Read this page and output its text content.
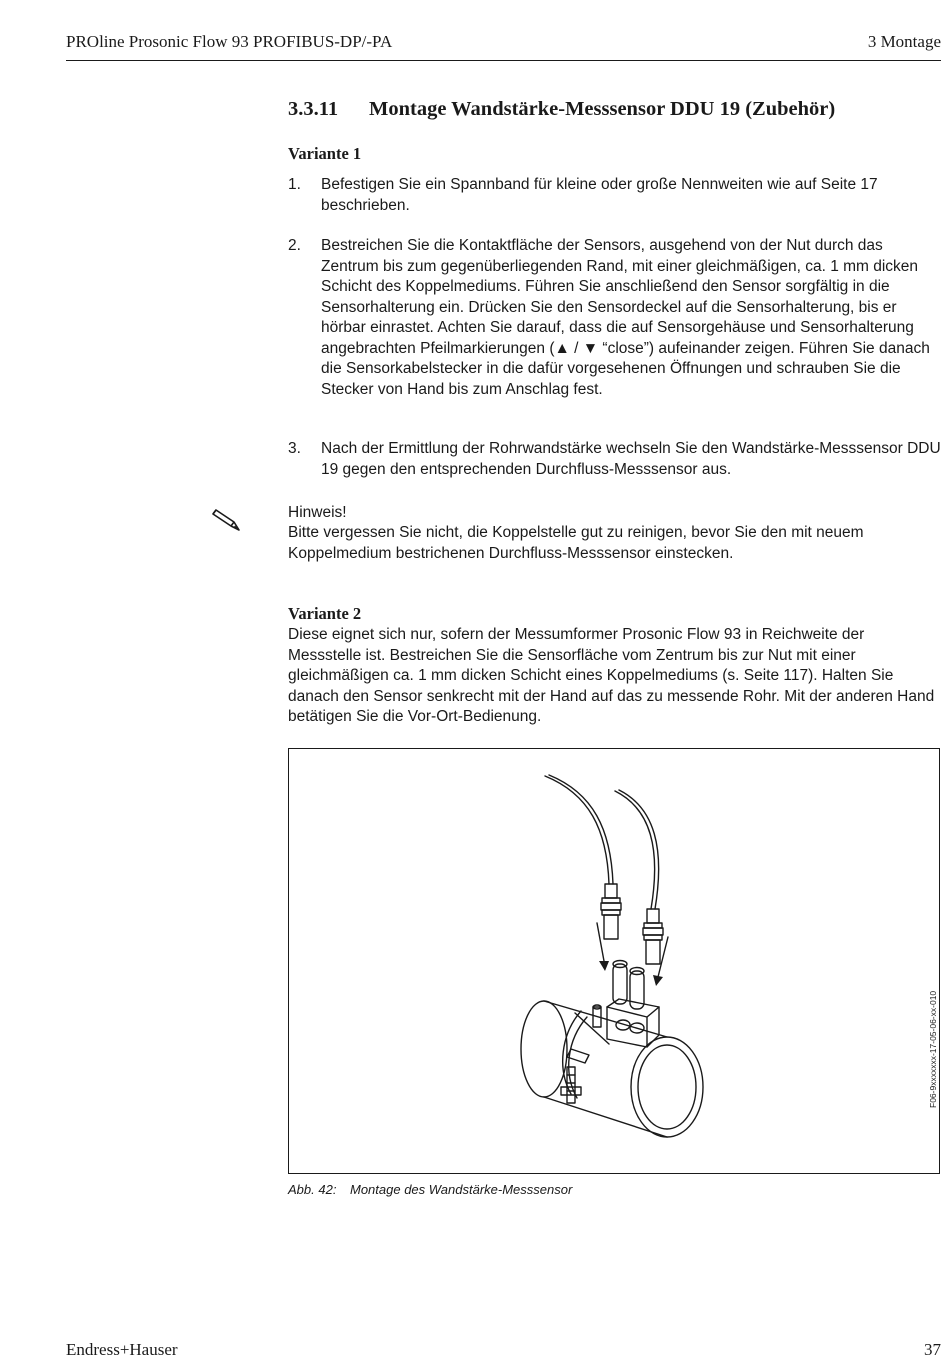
PROline Prosonic Flow 93 PROFIBUS-DP/-PA	3 Montage
3.3.11 Montage Wandstärke-Messsensor DDU 19 (Zubehör)
Variante 1
1. Befestigen Sie ein Spannband für kleine oder große Nennweiten wie auf Seite 17 beschrieben.
2. Bestreichen Sie die Kontaktfläche der Sensors, ausgehend von der Nut durch das Zentrum bis zum gegenüberliegenden Rand, mit einer gleichmäßigen, ca. 1 mm dicken Schicht des Koppelmediums. Führen Sie anschließend den Sensor sorgfältig in die Sensorhalterung ein. Drücken Sie den Sensordeckel auf die Sensorhalterung, bis er hörbar einrastet. Achten Sie darauf, dass die auf Sensorgehäuse und Sensorhalterung angebrachten Pfeilmarkierungen (▲ / ▼ “close”) aufeinander zeigen. Führen Sie danach die Sensorkabelstecker in die dafür vorgesehenen Öffnungen und schrauben Sie die Stecker von Hand bis zum Anschlag fest.
3. Nach der Ermittlung der Rohrwandstärke wechseln Sie den Wandstärke-Messsensor DDU 19 gegen den entsprechenden Durchfluss-Messsensor aus.
Hinweis!
Bitte vergessen Sie nicht, die Koppelstelle gut zu reinigen, bevor Sie den mit neuem Koppelmedium bestrichenen Durchfluss-Messsensor einstecken.
Variante 2
Diese eignet sich nur, sofern der Messumformer Prosonic Flow 93 in Reichweite der Messstelle ist. Bestreichen Sie die Sensorfläche vom Zentrum bis zur Nut mit einer gleichmäßigen ca. 1 mm dicken Schicht eines Koppelmediums (s. Seite 117). Halten Sie danach den Sensor senkrecht mit der Hand auf das zu messende Rohr. Mit der anderen Hand betätigen Sie die Vor-Ort-Bedienung.
F06-9xxxxxxx-17-05-06-xx-010
Abb. 42: Montage des Wandstärke-Messsensor
Endress+Hauser	37
